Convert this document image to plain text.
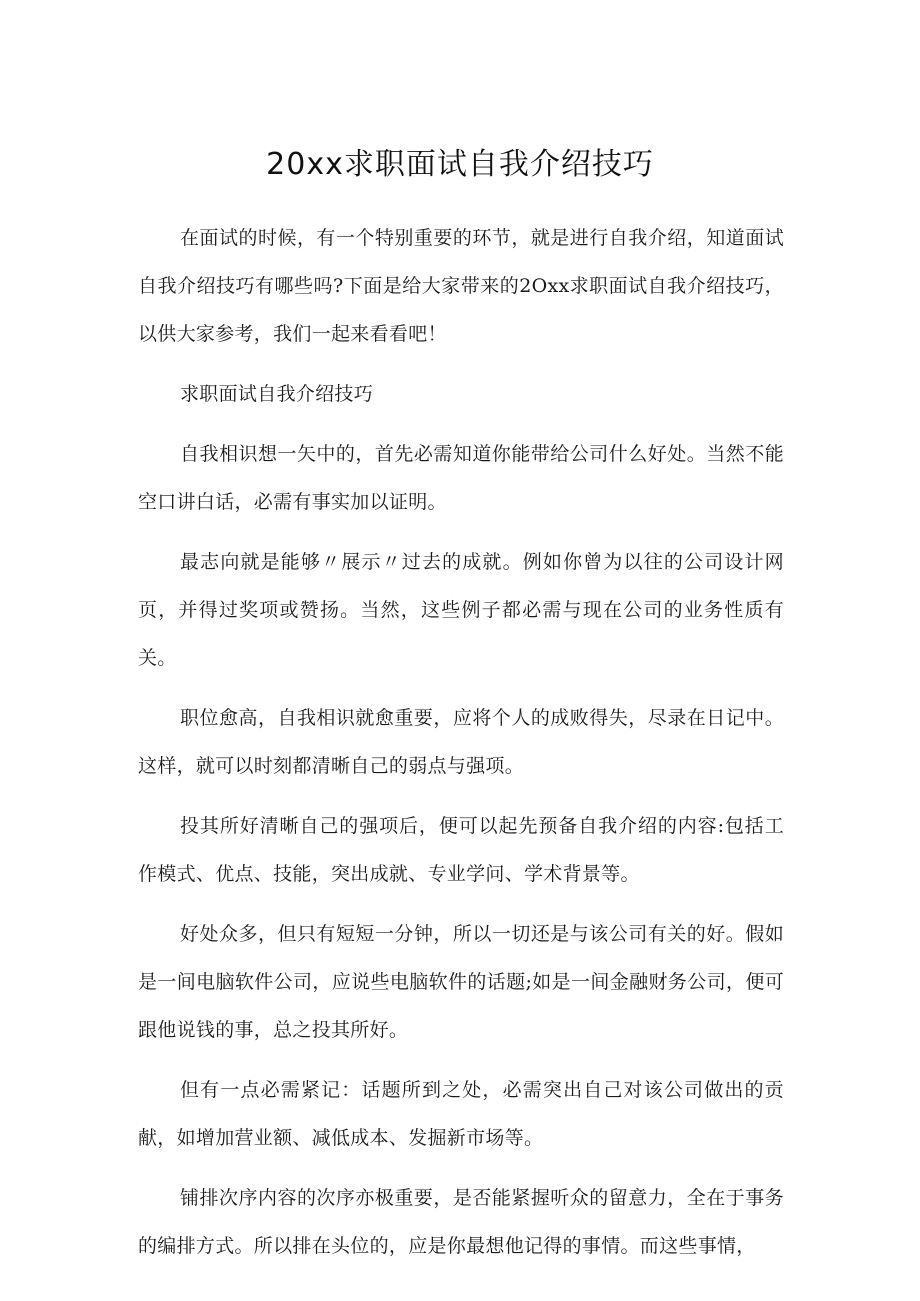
20xx求职面试自我介绍技巧

在面试的时候，有一个特别重要的环节，就是进行自我介绍，知道面试自我介绍技巧有哪些吗?下面是给大家带来的2Oxx求职面试自我介绍技巧，以供大家参考，我们一起来看看吧！

求职面试自我介绍技巧

自我相识想一矢中的，首先必需知道你能带给公司什么好处。当然不能空口讲白话，必需有事实加以证明。

最志向就是能够〃展示〃过去的成就。例如你曾为以往的公司设计网页，并得过奖项或赞扬。当然，这些例子都必需与现在公司的业务性质有关。

职位愈高，自我相识就愈重要，应将个人的成败得失，尽录在日记中。这样，就可以时刻都清晰自己的弱点与强项。

投其所好清晰自己的强项后，便可以起先预备自我介绍的内容:包括工作模式、优点、技能，突出成就、专业学问、学术背景等。

好处众多，但只有短短一分钟，所以一切还是与该公司有关的好。假如是一间电脑软件公司，应说些电脑软件的话题;如是一间金融财务公司，便可跟他说钱的事，总之投其所好。

但有一点必需紧记：话题所到之处，必需突出自己对该公司做出的贡献，如增加营业额、减低成本、发掘新市场等。

铺排次序内容的次序亦极重要，是否能紧握听众的留意力，全在于事务的编排方式。所以排在头位的，应是你最想他记得的事情。而这些事情，
